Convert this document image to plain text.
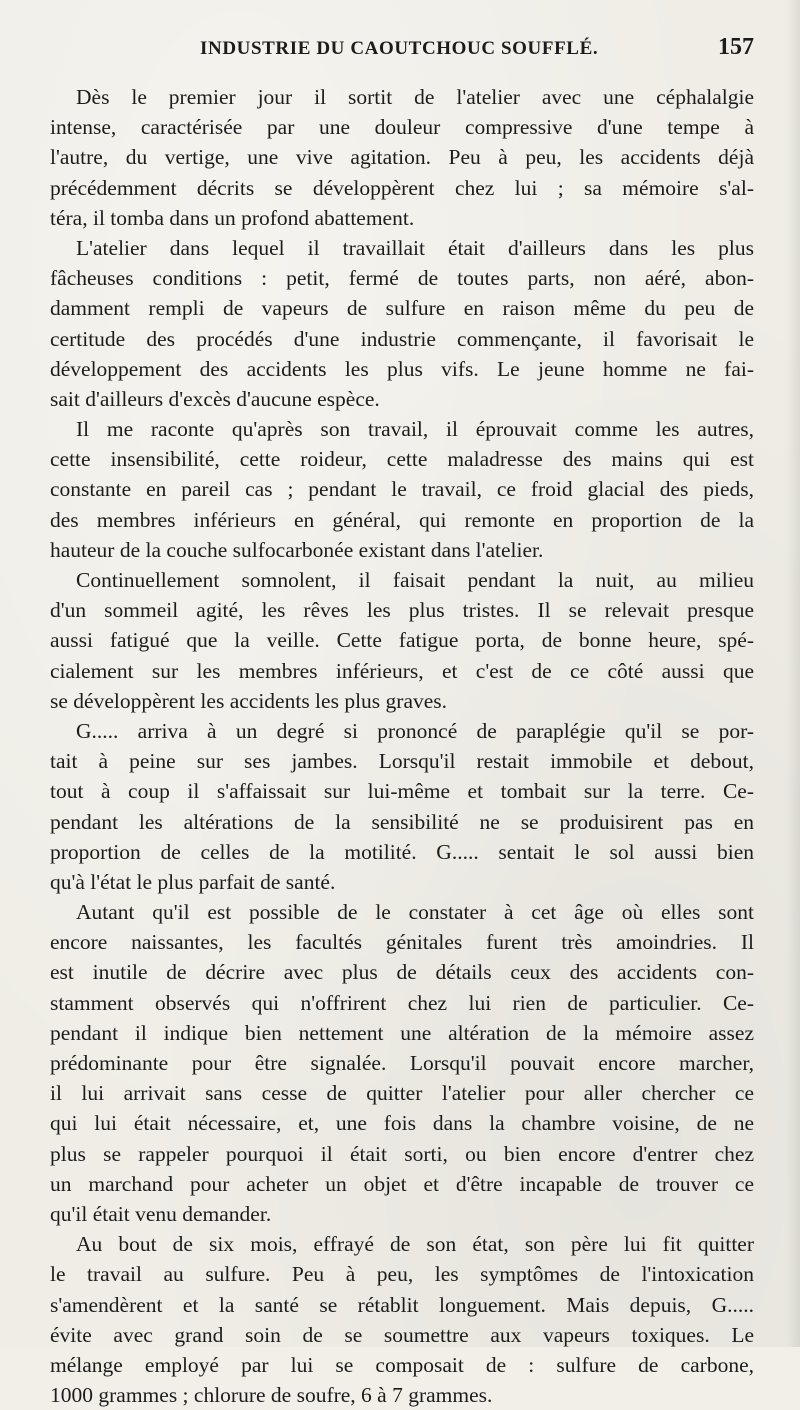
INDUSTRIE DU CAOUTCHOUC SOUFFLÉ.	157
Dès le premier jour il sortit de l'atelier avec une céphalalgie
intense, caractérisée par une douleur compressive d'une tempe à
l'autre, du vertige, une vive agitation. Peu à peu, les accidents déjà
précédemment décrits se développèrent chez lui ; sa mémoire s'al-
téra, il tomba dans un profond abattement.
L'atelier dans lequel il travaillait était d'ailleurs dans les plus
fâcheuses conditions : petit, fermé de toutes parts, non aéré, abon-
damment rempli de vapeurs de sulfure en raison même du peu de
certitude des procédés d'une industrie commençante, il favorisait le
développement des accidents les plus vifs. Le jeune homme ne fai-
sait d'ailleurs d'excès d'aucune espèce.
Il me raconte qu'après son travail, il éprouvait comme les autres,
cette insensibilité, cette roideur, cette maladresse des mains qui est
constante en pareil cas ; pendant le travail, ce froid glacial des pieds,
des membres inférieurs en général, qui remonte en proportion de la
hauteur de la couche sulfocarbonée existant dans l'atelier.
Continuellement somnolent, il faisait pendant la nuit, au milieu
d'un sommeil agité, les rêves les plus tristes. Il se relevait presque
aussi fatigué que la veille. Cette fatigue porta, de bonne heure, spé-
cialement sur les membres inférieurs, et c'est de ce côté aussi que
se développèrent les accidents les plus graves.
G..... arriva à un degré si prononcé de paraplégie qu'il se por-
tait à peine sur ses jambes. Lorsqu'il restait immobile et debout,
tout à coup il s'affaissait sur lui-même et tombait sur la terre. Ce-
pendant les altérations de la sensibilité ne se produisirent pas en
proportion de celles de la motilité. G..... sentait le sol aussi bien
qu'à l'état le plus parfait de santé.
Autant qu'il est possible de le constater à cet âge où elles sont
encore naissantes, les facultés génitales furent très amoindries. Il
est inutile de décrire avec plus de détails ceux des accidents con-
stamment observés qui n'offrirent chez lui rien de particulier. Ce-
pendant il indique bien nettement une altération de la mémoire assez
prédominante pour être signalée. Lorsqu'il pouvait encore marcher,
il lui arrivait sans cesse de quitter l'atelier pour aller chercher ce
qui lui était nécessaire, et, une fois dans la chambre voisine, de ne
plus se rappeler pourquoi il était sorti, ou bien encore d'entrer chez
un marchand pour acheter un objet et d'être incapable de trouver ce
qu'il était venu demander.
Au bout de six mois, effrayé de son état, son père lui fit quitter
le travail au sulfure. Peu à peu, les symptômes de l'intoxication
s'amendèrent et la santé se rétablit longuement. Mais depuis, G.....
évite avec grand soin de se soumettre aux vapeurs toxiques. Le
mélange employé par lui se composait de : sulfure de carbone,
1000 grammes ; chlorure de soufre, 6 à 7 grammes.
